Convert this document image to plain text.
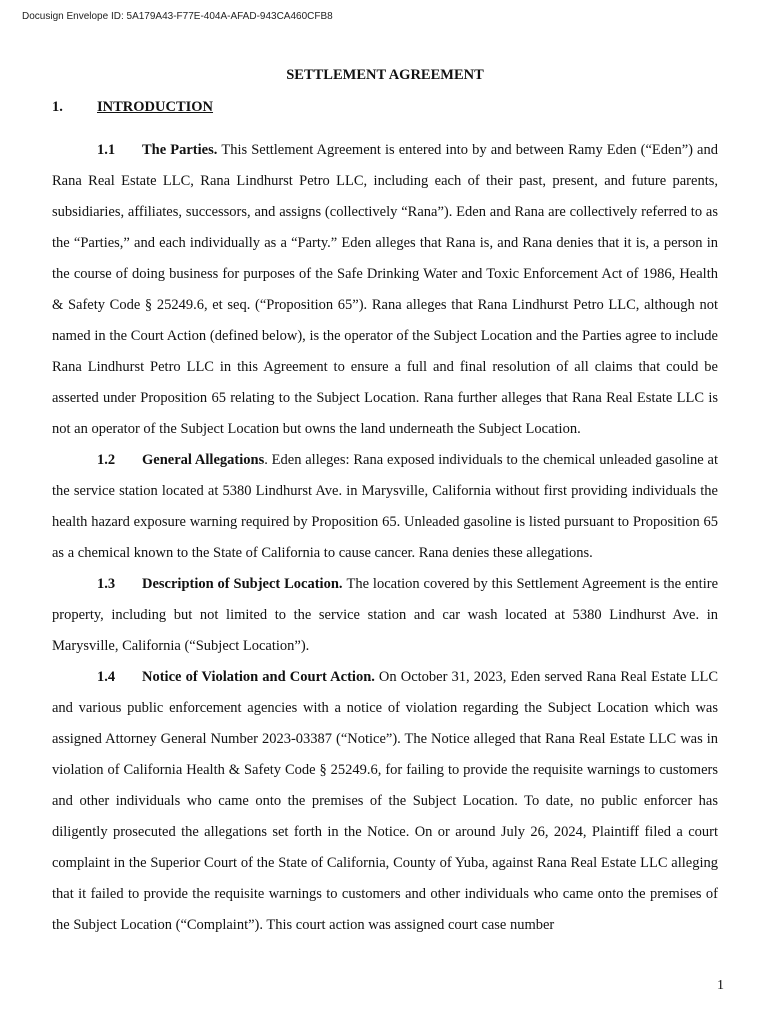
Docusign Envelope ID: 5A179A43-F77E-404A-AFAD-943CA460CFB8
SETTLEMENT AGREEMENT
1. INTRODUCTION

1.1 The Parties. This Settlement Agreement is entered into by and between Ramy Eden (“Eden”) and Rana Real Estate LLC, Rana Lindhurst Petro LLC, including each of their past, present, and future parents, subsidiaries, affiliates, successors, and assigns (collectively “Rana”). Eden and Rana are collectively referred to as the “Parties,” and each individually as a “Party.” Eden alleges that Rana is, and Rana denies that it is, a person in the course of doing business for purposes of the Safe Drinking Water and Toxic Enforcement Act of 1986, Health & Safety Code § 25249.6, et seq. (“Proposition 65”). Rana alleges that Rana Lindhurst Petro LLC, although not named in the Court Action (defined below), is the operator of the Subject Location and the Parties agree to include Rana Lindhurst Petro LLC in this Agreement to ensure a full and final resolution of all claims that could be asserted under Proposition 65 relating to the Subject Location. Rana further alleges that Rana Real Estate LLC is not an operator of the Subject Location but owns the land underneath the Subject Location.

1.2 General Allegations. Eden alleges: Rana exposed individuals to the chemical unleaded gasoline at the service station located at 5380 Lindhurst Ave. in Marysville, California without first providing individuals the health hazard exposure warning required by Proposition 65. Unleaded gasoline is listed pursuant to Proposition 65 as a chemical known to the State of California to cause cancer. Rana denies these allegations.

1.3 Description of Subject Location. The location covered by this Settlement Agreement is the entire property, including but not limited to the service station and car wash located at 5380 Lindhurst Ave. in Marysville, California (“Subject Location”).

1.4 Notice of Violation and Court Action. On October 31, 2023, Eden served Rana Real Estate LLC and various public enforcement agencies with a notice of violation regarding the Subject Location which was assigned Attorney General Number 2023-03387 (“Notice”). The Notice alleged that Rana Real Estate LLC was in violation of California Health & Safety Code § 25249.6, for failing to provide the requisite warnings to customers and other individuals who came onto the premises of the Subject Location. To date, no public enforcer has diligently prosecuted the allegations set forth in the Notice. On or around July 26, 2024, Plaintiff filed a court complaint in the Superior Court of the State of California, County of Yuba, against Rana Real Estate LLC alleging that it failed to provide the requisite warnings to customers and other individuals who came onto the premises of the Subject Location (“Complaint”). This court action was assigned court case number

1
